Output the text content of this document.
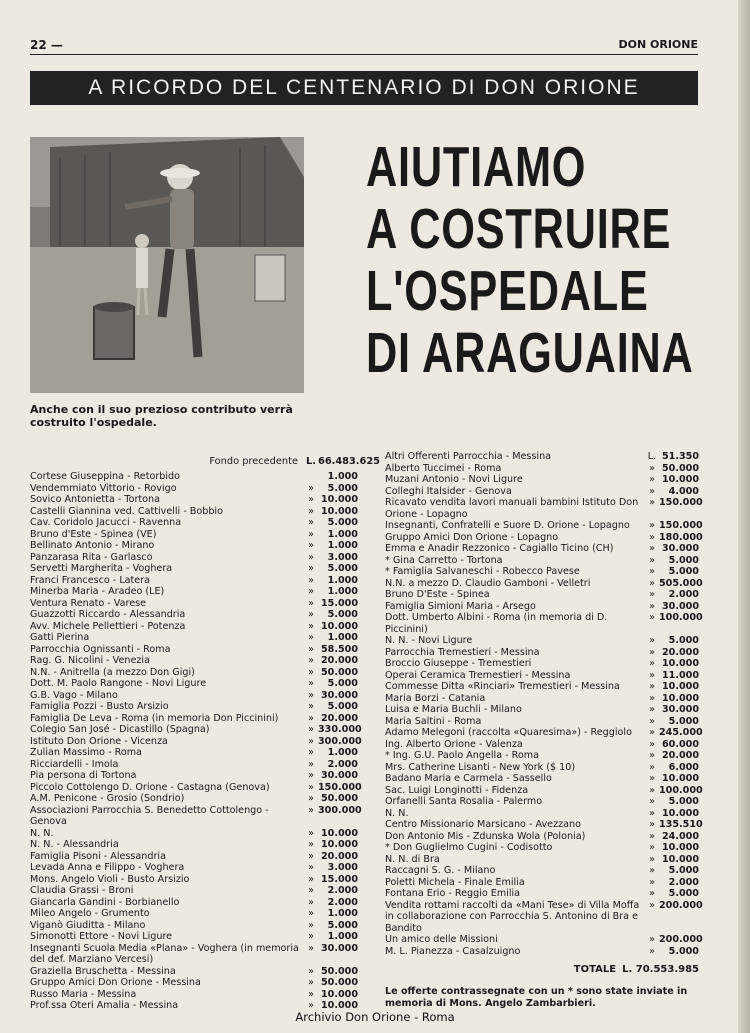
22 —	DON ORIONE
A RICORDO DEL CENTENARIO DI DON ORIONE
Anche con il suo prezioso contributo verrà costruito l'ospedale.
AIUTIAMO
A COSTRUIRE
L'OSPEDALE
DI ARAGUAINA
Fondo precedente L. 66.483.625
Cortese Giuseppina - Retorbido	1.000
Vendemmiato Vittorio - Rovigo	»	5.000
Sovico Antonietta - Tortona	» 10.000
Castelli Giannina ved. Cattivelli - Bobbio	» 10.000
Cav. Coridolo Jacucci - Ravenna	»	5.000
Bruno d'Este - Spinea (VE)	»	1.000
Bellinato Antonio - Mirano	»	1.000
Panzarasa Rita - Garlasco	»	3.000
Servetti Margherita - Voghera	»	5.000
Franci Francesco - Latera	»	1.000
Minerba Maria - Aradeo (LE)	»	1.000
Ventura Renato - Varese	» 15.000
Guazzotti Riccardo - Alessandria	»	5.000
Avv. Michele Pellettieri - Potenza	» 10.000
Gatti Pierina	»	1.000
Parrocchia Ognissanti - Roma	» 58.500
Rag. G. Nicolini - Venezia	» 20.000
N.N. - Anitrella (a mezzo Don Gigi)	» 50.000
Dott. M. Paolo Rangone - Novi Ligure	»	5.000
G.B. Vago - Milano	» 30.000
Famiglia Pozzi - Busto Arsizio	»	5.000
Famiglia De Leva - Roma (in memoria Don Piccinini)	» 20.000
Colegio San José - Dicastillo (Spagna)	» 330.000
Istituto Don Orione - Vicenza	» 300.000
Zulian Massimo - Roma	»	1.000
Ricciardelli - Imola	»	2.000
Pia persona di Tortona	» 30.000
Piccolo Cottolengo D. Orione - Castagna (Genova)	» 150.000
A.M. Penicone - Grosio (Sondrio)	» 50.000
Associazioni Parrocchia S. Benedetto Cottolengo - Genova
» 300.000
N. N.	» 10.000
N. N. - Alessandria	» 10.000
Famiglia Pisoni - Alessandria	» 20.000
Levada Anna e Filippo - Voghera	»	3.000
Mons. Angelo Violi - Busto Arsizio	» 15.000
Claudia Grassi - Broni	»	2.000
Giancarla Gandini - Borbianello	»	2.000
Mileo Angelo - Grumento	»	1.000
Viganò Giuditta - Milano	»	5.000
Simonotti Ettore - Novi Ligure	»	1.000
Insegnanti Scuola Media «Plana» - Voghera (in memoria del def. Marziano Vercesi)
» 30.000
Graziella Bruschetta - Messina	» 50.000
Gruppo Amici Don Orione - Messina	» 50.000
Russo Maria - Messina	» 10.000
Prof.ssa Oteri Amalia - Messina	» 10.000
Altri Offerenti Parrocchia - Messina	L. 51.350
Alberto Tuccimei - Roma	» 50.000
Muzani Antonio - Novi Ligure	» 10.000
Colleghi Italsider - Genova	»	4.000
Ricavato vendita lavori manuali bambini Istituto Don Orione - Lopagno
» 150.000
Insegnanti, Confratelli e Suore D. Orione - Lopagno	» 150.000
Gruppo Amici Don Orione - Lopagno	» 180.000
Emma e Anadir Rezzonico - Cagiallo Ticino (CH)	» 30.000
* Gina Carretto - Tortona	»	5.000
* Famiglia Salvaneschi - Robecco Pavese	»	5.000
N.N. a mezzo D. Claudio Gamboni - Velletri	» 505.000
Bruno D'Este - Spinea	»	2.000
Famiglia Simioni Maria - Arsego	» 30.000
Dott. Umberto Albini - Roma (in memoria di D. Piccinini)
» 100.000
N. N. - Novi Ligure	»	5.000
Parrocchia Tremestieri - Messina	» 20.000
Broccio Giuseppe - Tremestieri	» 10.000
Operai Ceramica Tremestieri - Messina	» 11.000
Commesse Ditta «Rinciari» Tremestieri - Messina	» 10.000
Maria Borzi - Catania	» 10.000
Luisa e Maria Buchli - Milano	» 30.000
Maria Saltini - Roma	»	5.000
Adamo Melegoni (raccolta «Quaresima») - Reggiolo	» 245.000
Ing. Alberto Orione - Valenza	» 60.000
* Ing. G.U. Paolo Angella - Roma	» 20.000
Mrs. Catherine Lisanti - New York ($ 10)	»	6.000
Badano Maria e Carmela - Sassello	» 10.000
Sac. Luigi Longinotti - Fidenza	» 100.000
Orfanelli Santa Rosalia - Palermo	»	5.000
N. N.	» 10.000
Centro Missionario Marsicano - Avezzano	» 135.510
Don Antonio Mis - Zdunska Wola (Polonia)	» 24.000
* Don Guglielmo Cugini - Codisotto	» 10.000
N. N. di Bra	» 10.000
Raccagni S. G. - Milano	»	5.000
Poletti Michela - Finale Emilia	»	2.000
Fontana Erio - Reggio Emilia	»	5.000
Vendita rottami raccolti da «Mani Tese» di Villa Moffa in collaborazione con Parrocchia S. Antonino di Bra e Bandito
» 200.000
Un amico delle Missioni	» 200.000
M. L. Pianezza - Casalzuigno	»	5.000
TOTALE L. 70.553.985
Le offerte contrassegnate con un * sono state inviate in memoria di Mons. Angelo Zambarbieri.
Archivio Don Orione - Roma
